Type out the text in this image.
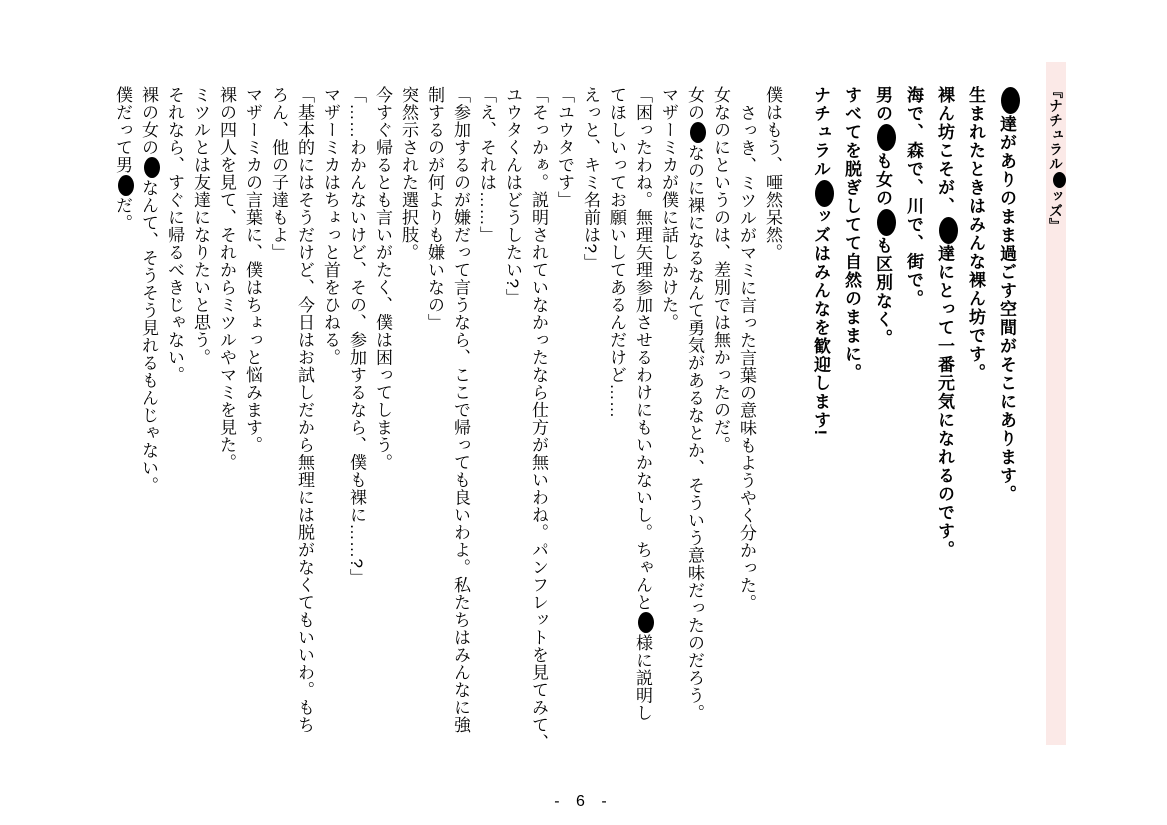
『ナチュラルッズ』

達がありのまま過ごす空間がそこにあります。

生まれたときはみんな裸ん坊です。

裸ん坊こそが、達にとって一番元気になれるのです。

海で、森で、川で、街で。

男のも女のも区別なく。

すべてを脱ぎしてて自然のままに。

ナチュラルッズはみんなを歓迎します!

僕はもう、唖然呆然。

さっき、ミツルがマミに言った言葉の意味もようやく分かった。

女なのにというのは、差別では無かったのだ。

女のなのに裸になるなんて勇気があるなとか、そういう意味だったのだろう。

マザーミカが僕に話しかけた。

「困ったわね。無理矢理参加させるわけにもいかないし。ちゃんと様に説明し

てほしいってお願いしてあるんだけど……

えっと、キミ名前は?」

「ユウタです」

「そっかぁ。説明されていなかったなら仕方が無いわね。パンフレットを見てみて、

ユウタくんはどうしたい?」

「え、それは……」

「参加するのが嫌だって言うなら、ここで帰っても良いわよ。私たちはみんなに強

制するのが何よりも嫌いなの」

突然示された選択肢。

今すぐ帰るとも言いがたく、僕は困ってしまう。

「……わかんないけど、その、参加するなら、僕も裸に……?」

マザーミカはちょっと首をひねる。

「基本的にはそうだけど、今日はお試しだから無理には脱がなくてもいいわ。もち

ろん、他の子達もよ」

マザーミカの言葉に、僕はちょっと悩みます。

裸の四人を見て、それからミツルやマミを見た。

ミツルとは友達になりたいと思う。

それなら、すぐに帰るべきじゃない。

裸の女のなんて、そうそう見れるもんじゃない。

僕だって男だ。

- 6 -
